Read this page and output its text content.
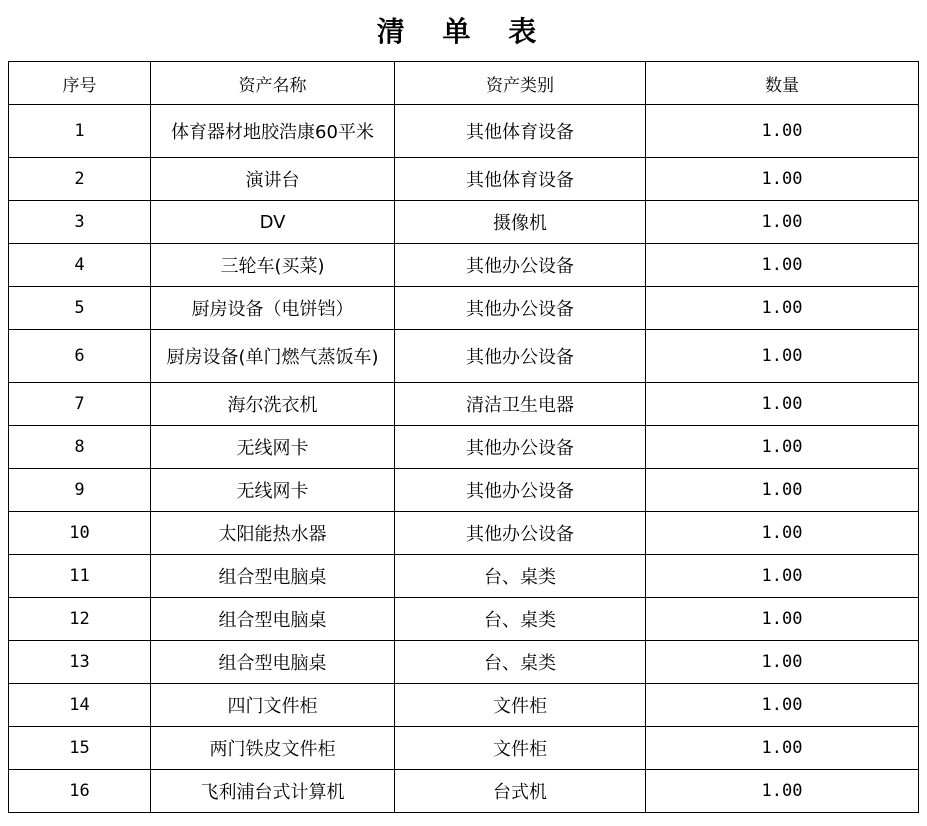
清 单 表
序号	资产名称	资产类别	数量
1	体育器材地胶浩康60平米	其他体育设备	1.00
2	演讲台	其他体育设备	1.00
3	DV	摄像机	1.00
4	三轮车(买菜)	其他办公设备	1.00
5	厨房设备（电饼铛）	其他办公设备	1.00
6	厨房设备(单门燃气蒸饭车)	其他办公设备	1.00
7	海尔洗衣机	清洁卫生电器	1.00
8	无线网卡	其他办公设备	1.00
9	无线网卡	其他办公设备	1.00
10	太阳能热水器	其他办公设备	1.00
11	组合型电脑桌	台、桌类	1.00
12	组合型电脑桌	台、桌类	1.00
13	组合型电脑桌	台、桌类	1.00
14	四门文件柜	文件柜	1.00
15	两门铁皮文件柜	文件柜	1.00
16	飞利浦台式计算机	台式机	1.00
